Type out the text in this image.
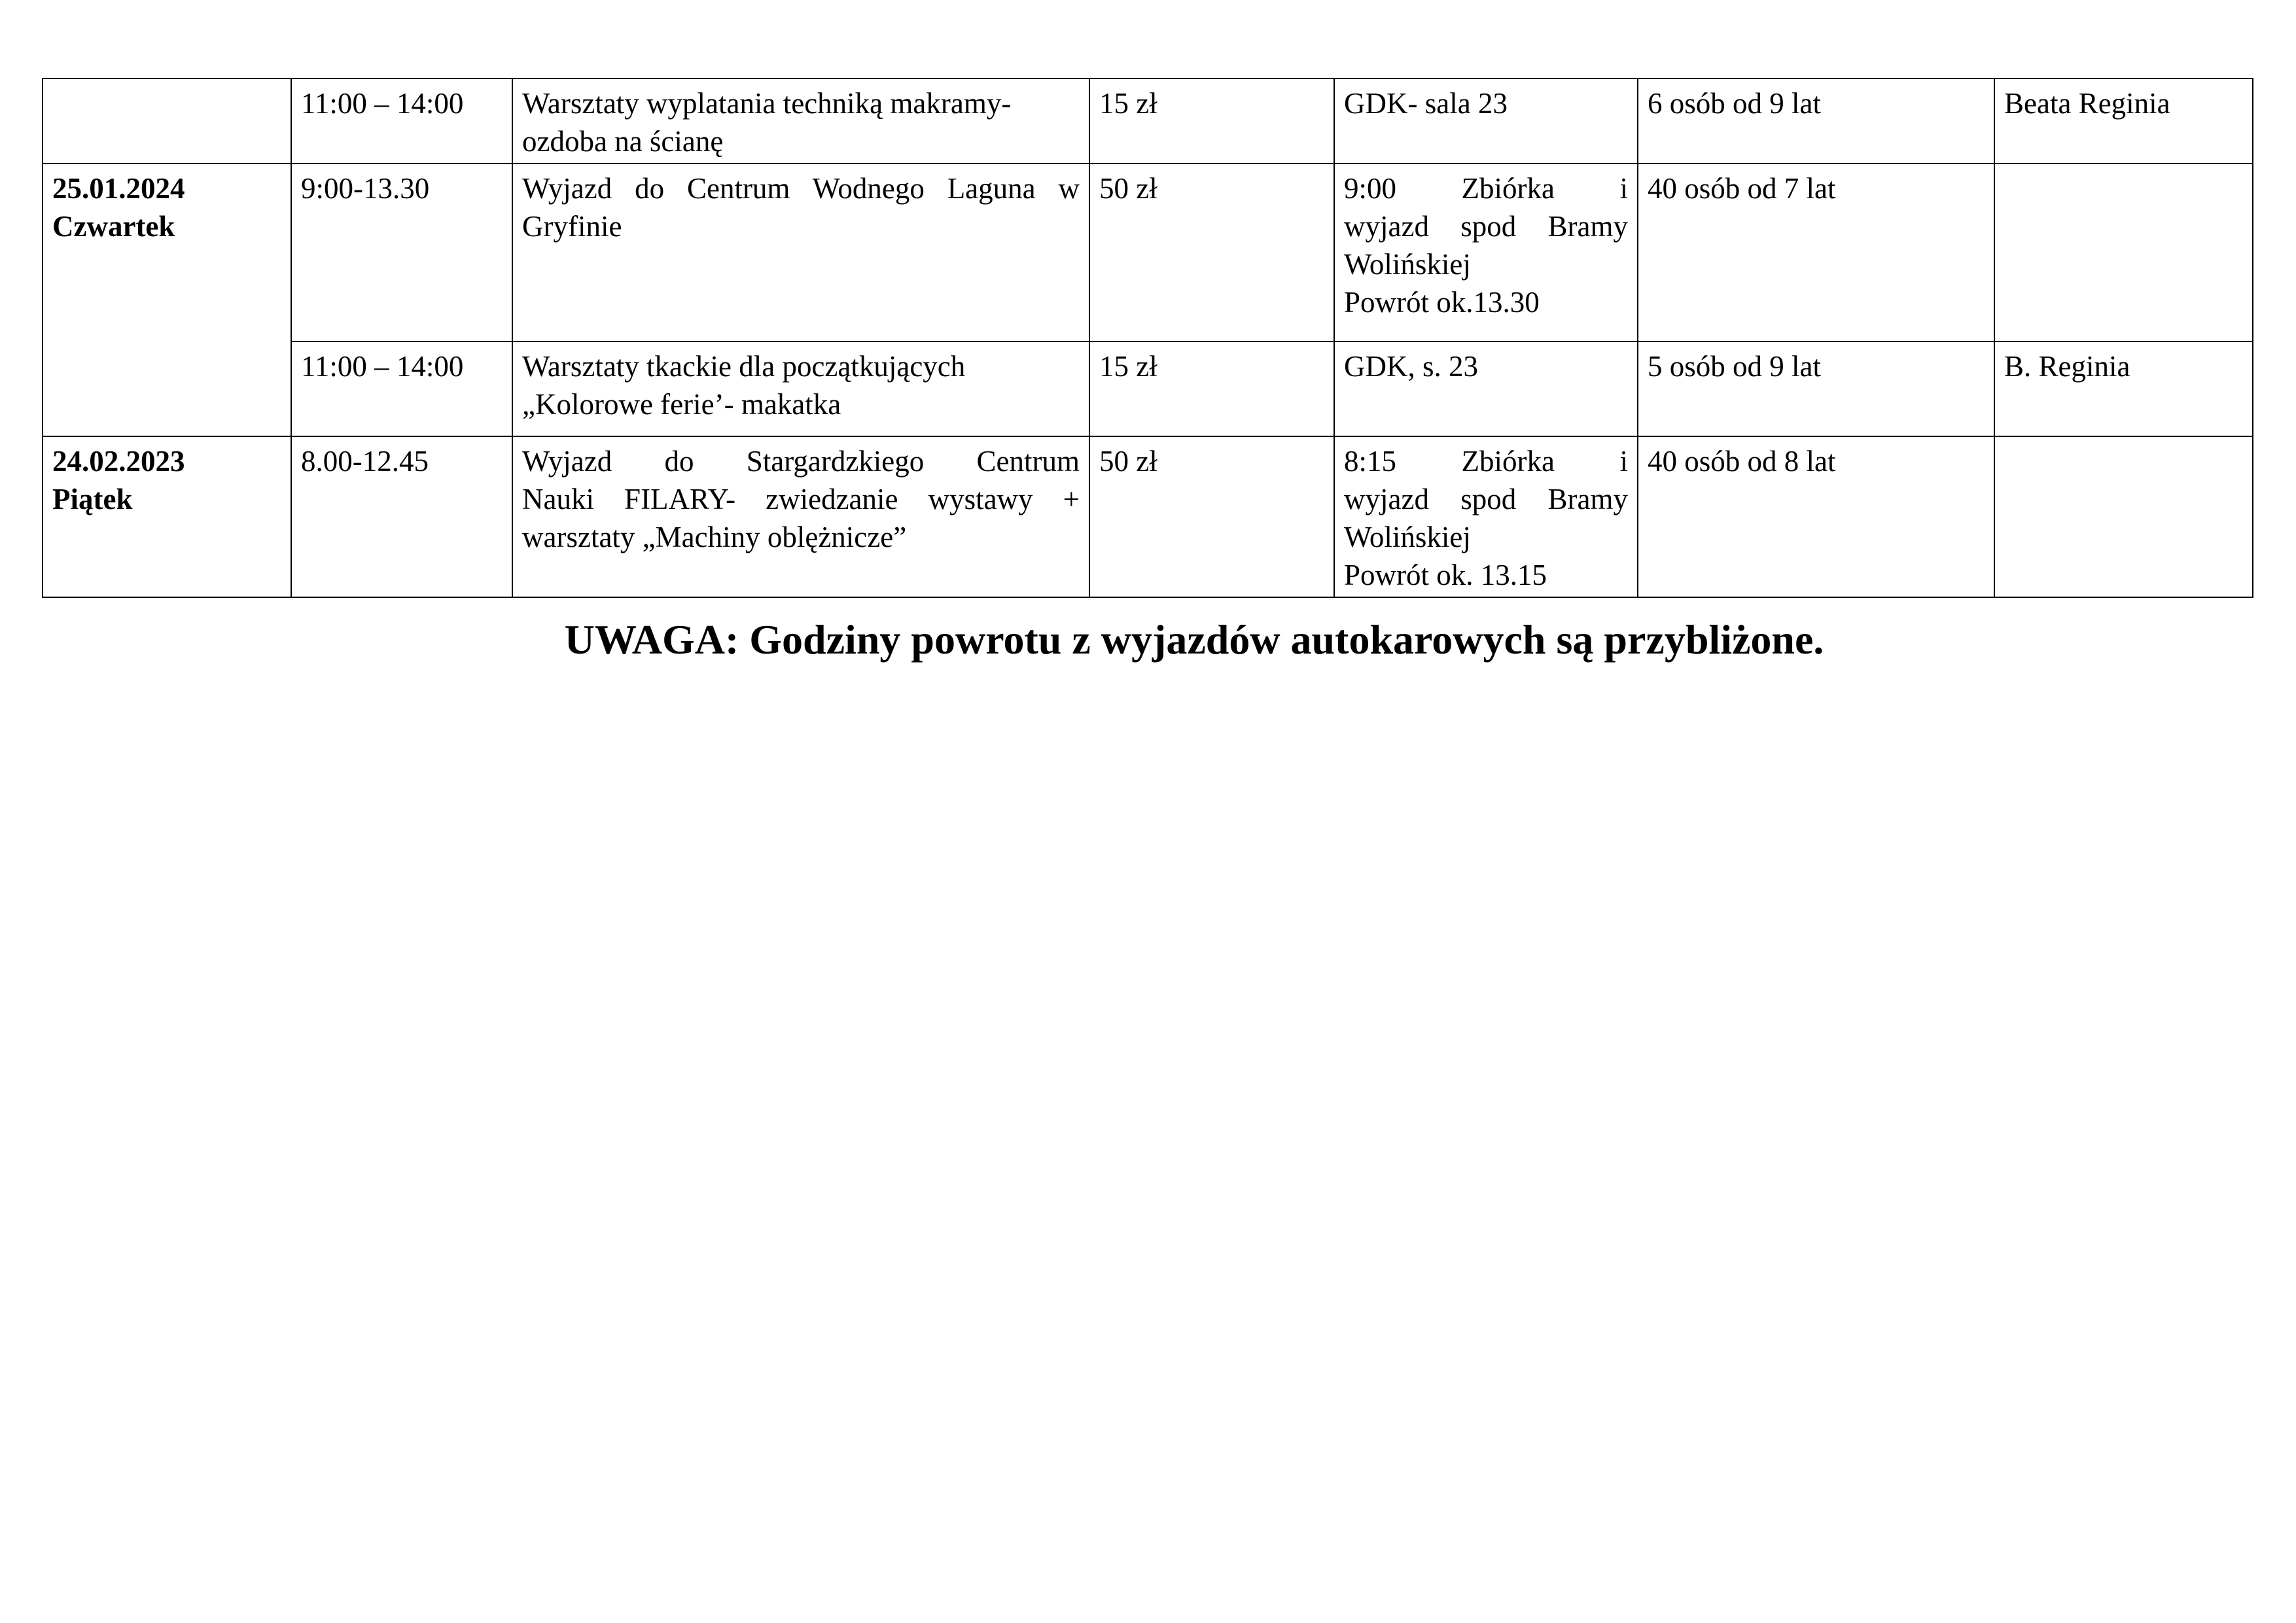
	11:00 – 14:00	Warsztaty wyplatania techniką makramy-
ozdoba na ścianę	15 zł	GDK- sala 23	6 osób od 9 lat	Beata Reginia

25.01.2024
Czwartek	9:00-13.30	Wyjazd do Centrum Wodnego Laguna w
Gryfinie	50 zł	9:00 Zbiórka i
wyjazd spod Bramy
Wolińskiej
Powrót ok.13.30	40 osób od 7 lat	
	11:00 – 14:00	Warsztaty tkackie dla początkujących
„Kolorowe ferie’- makatka	15 zł	GDK, s. 23	5 osób od 9 lat	B. Reginia

24.02.2023
Piątek	8.00-12.45	Wyjazd do Stargardzkiego Centrum
Nauki FILARY- zwiedzanie wystawy +
warsztaty „Machiny oblężnicze”	50 zł	8:15 Zbiórka i
wyjazd spod Bramy
Wolińskiej
Powrót ok. 13.15	40 osób od 8 lat	
UWAGA: Godziny powrotu z wyjazdów autokarowych są przybliżone.
